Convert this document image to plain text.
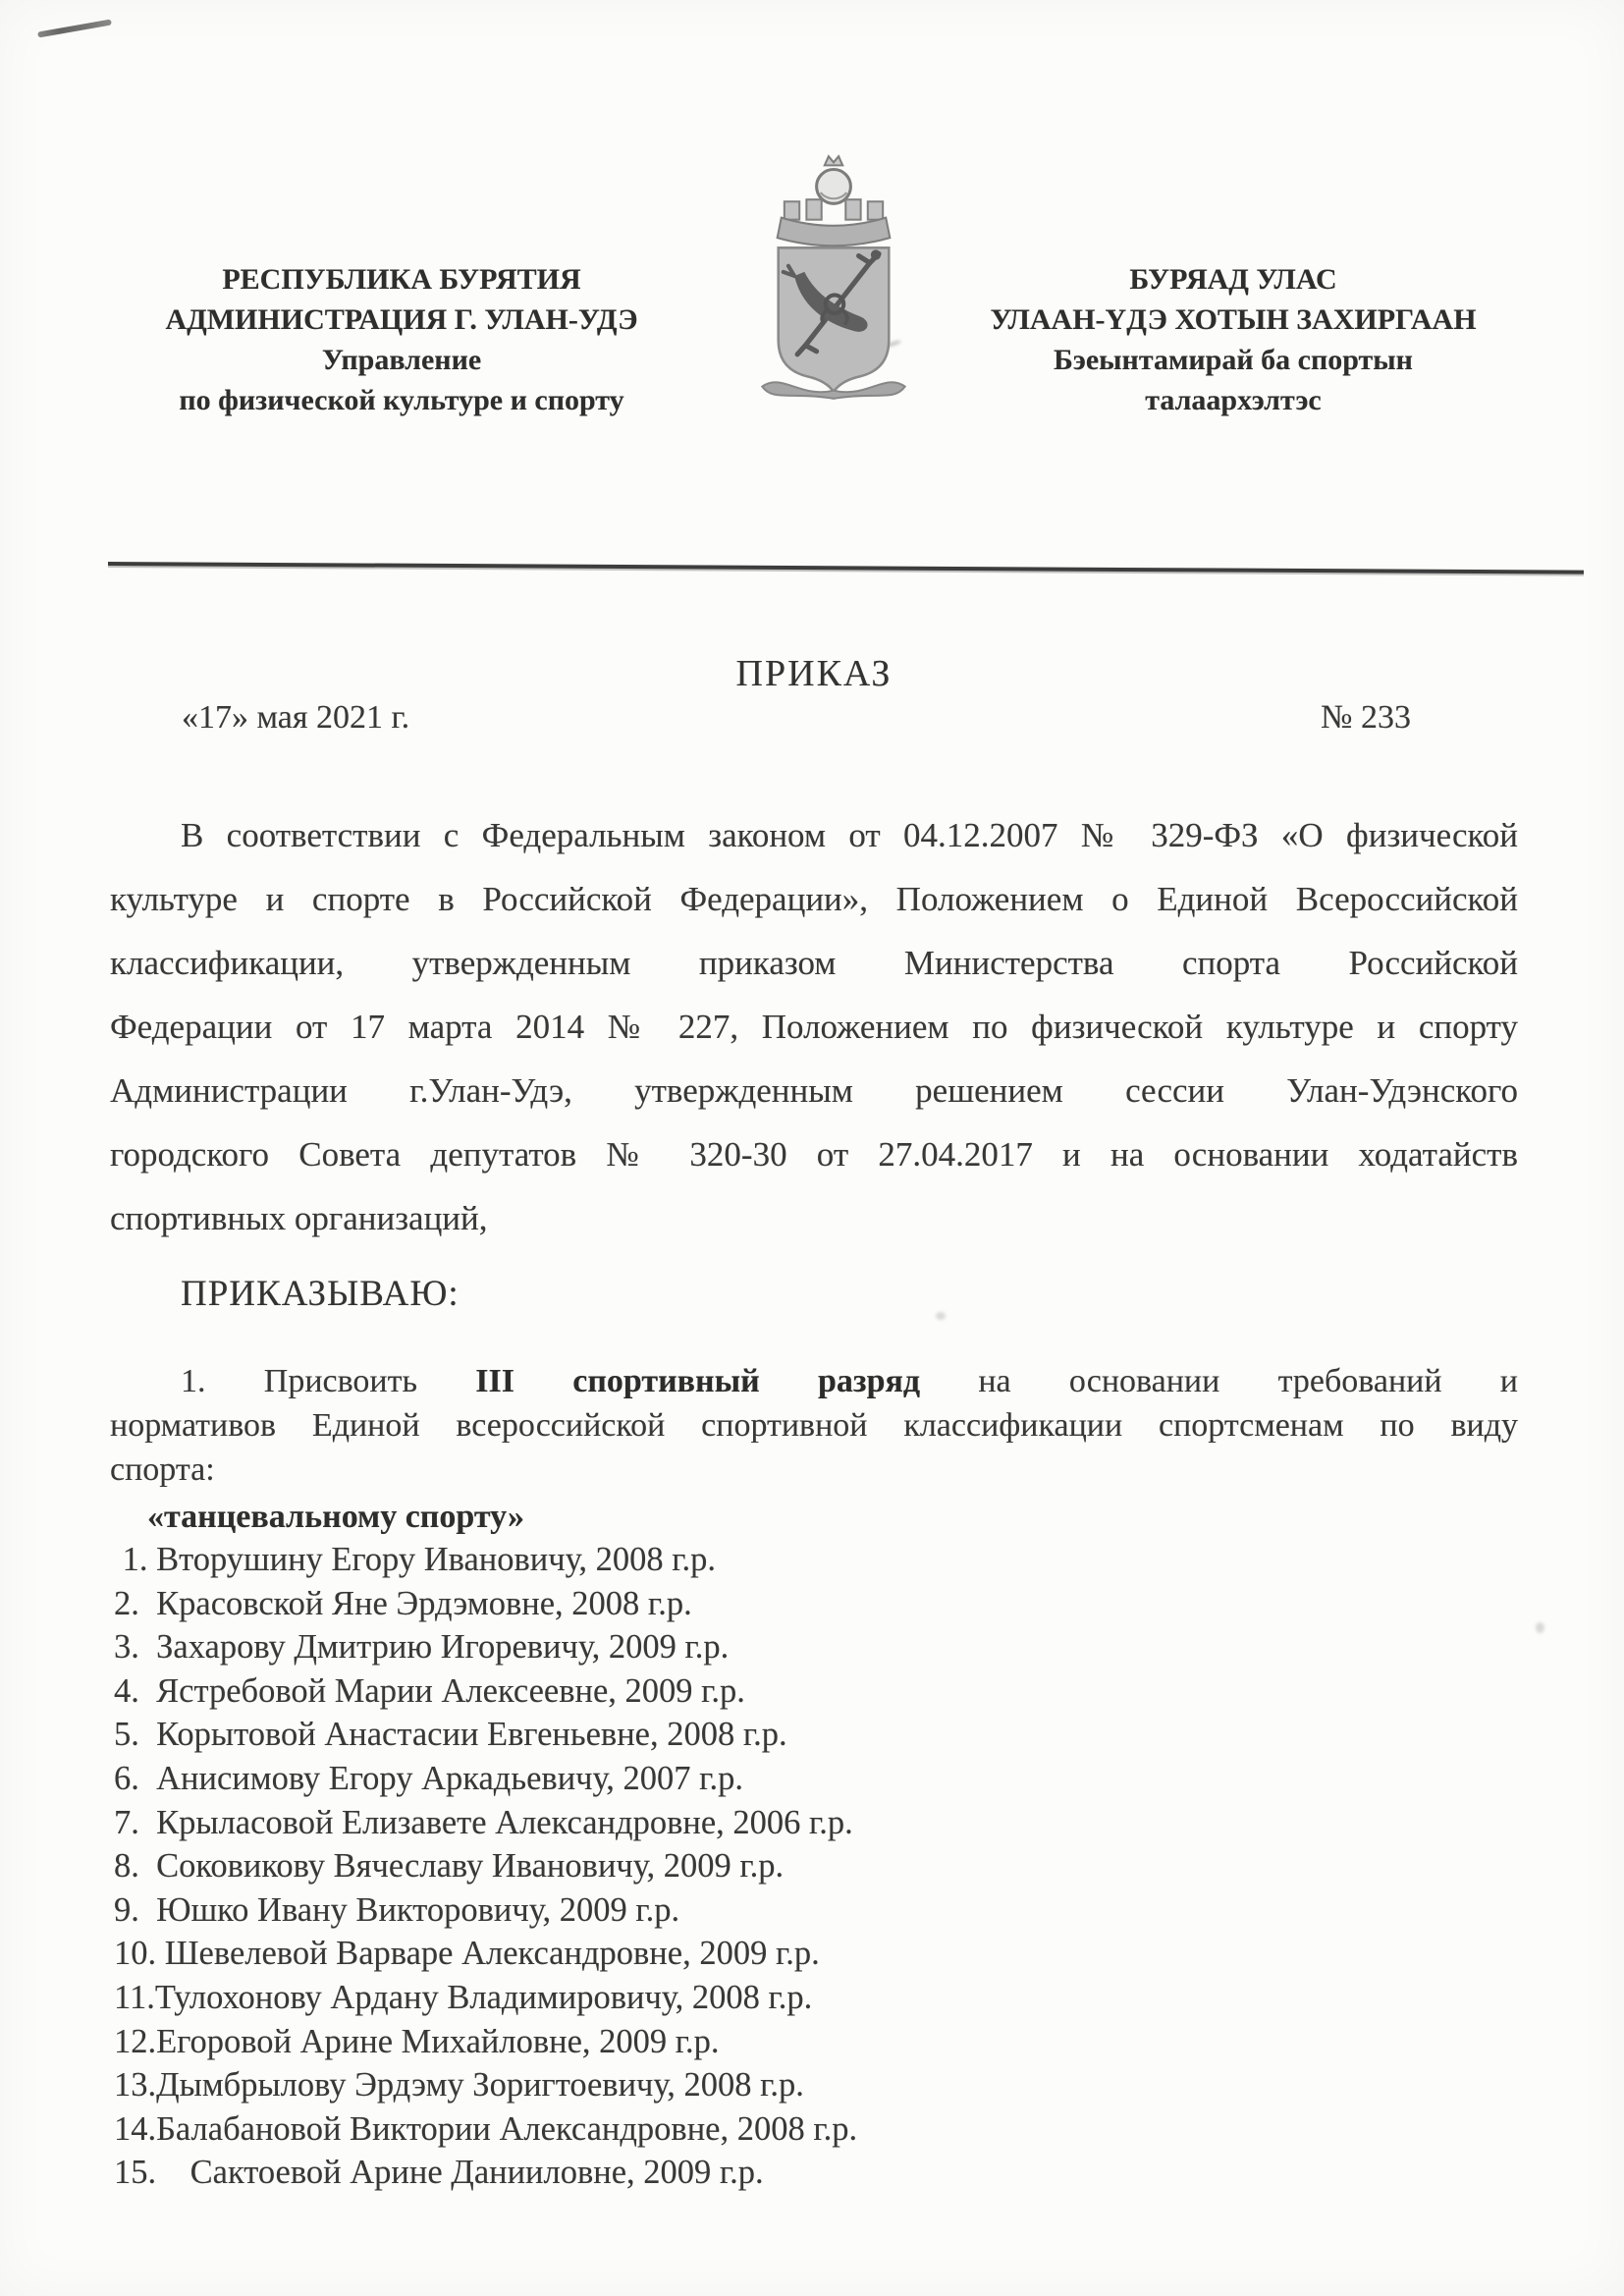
РЕСПУБЛИКА БУРЯТИЯ
АДМИНИСТРАЦИЯ Г. УЛАН-УДЭ
Управление
по физической культуре и спорту
БУРЯАД УЛАС
УЛААН-ҮДЭ ХОТЫН ЗАХИРГААН
Бэеынтамирай ба спортын
талаархэлтэс
ПРИКАЗ
«17» мая 2021 г.	№ 233
В соответствии с Федеральным законом от 04.12.2007 № 329-ФЗ «О физической
культуре и спорте в Российской Федерации», Положением о Единой Всероссийской
классификации, утвержденным приказом Министерства спорта Российской
Федерации от 17 марта 2014 № 227, Положением по физической культуре и спорту
Администрации г.Улан-Удэ, утвержденным решением сессии Улан-Удэнского
городского Совета депутатов № 320-30 от 27.04.2017 и на основании ходатайств
спортивных организаций,
ПРИКАЗЫВАЮ:
1. Присвоить III спортивный разряд на основании требований и
нормативов Единой всероссийской спортивной классификации спортсменам по виду
спорта:
«танцевальному спорту»
1. Вторушину Егору Ивановичу, 2008 г.р.
2.  Красовской Яне Эрдэмовне, 2008 г.р.
3.  Захарову Дмитрию Игоревичу, 2009 г.р.
4.  Ястребовой Марии Алексеевне, 2009 г.р.
5.  Корытовой Анастасии Евгеньевне, 2008 г.р.
6.  Анисимову Егору Аркадьевичу, 2007 г.р.
7.  Крыласовой Елизавете Александровне, 2006 г.р.
8.  Соковикову Вячеславу Ивановичу, 2009 г.р.
9.  Юшко Ивану Викторовичу, 2009 г.р.
10. Шевелевой Варваре Александровне, 2009 г.р.
11.Тулохонову Ардану Владимировичу, 2008 г.р.
12.Егоровой Арине Михайловне, 2009 г.р.
13.Дымбрылову Эрдэму Зоригтоевичу, 2008 г.р.
14.Балабановой Виктории Александровне, 2008 г.р.
15.    Сактоевой Арине Данииловне, 2009 г.р.
